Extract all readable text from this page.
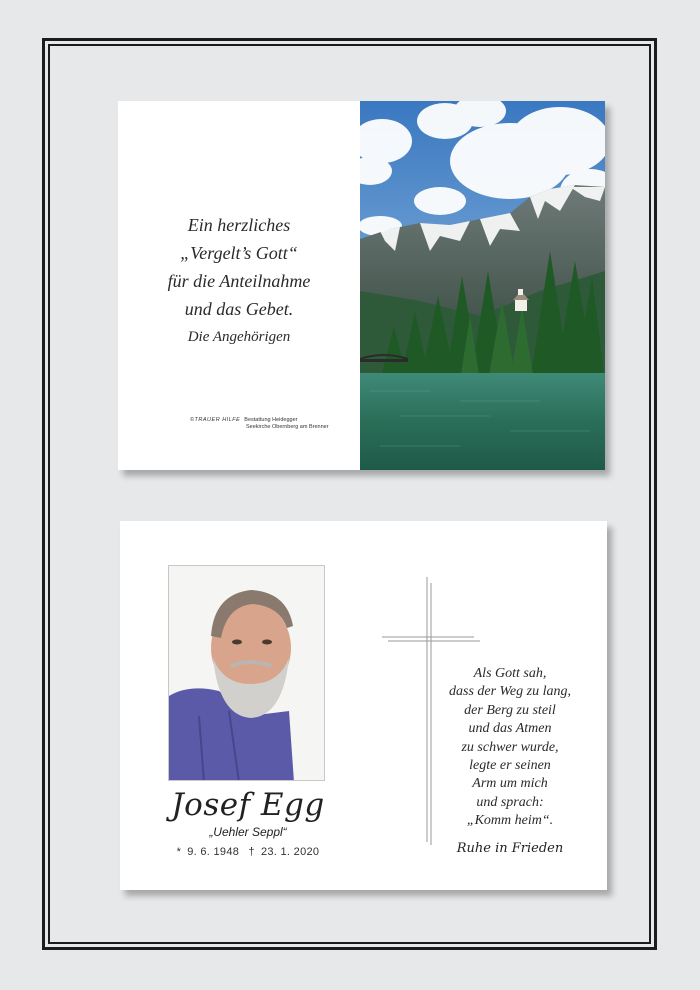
Ein herzliches

„Vergelt’s Gott“

für die Anteilnahme

und das Gebet.

Die Angehörigen
©TRAUER HILFE Bestattung Heidegger
Seekirche Obernberg am Brenner
Josef Egg
„Uehler Seppl“
* 9. 6. 1948 † 23. 1. 2020

Als Gott sah,

dass der Weg zu lang,

der Berg zu steil

und das Atmen

zu schwer wurde,

legte er seinen

Arm um mich

und sprach:

„Komm heim“.

Ruhe in Frieden
